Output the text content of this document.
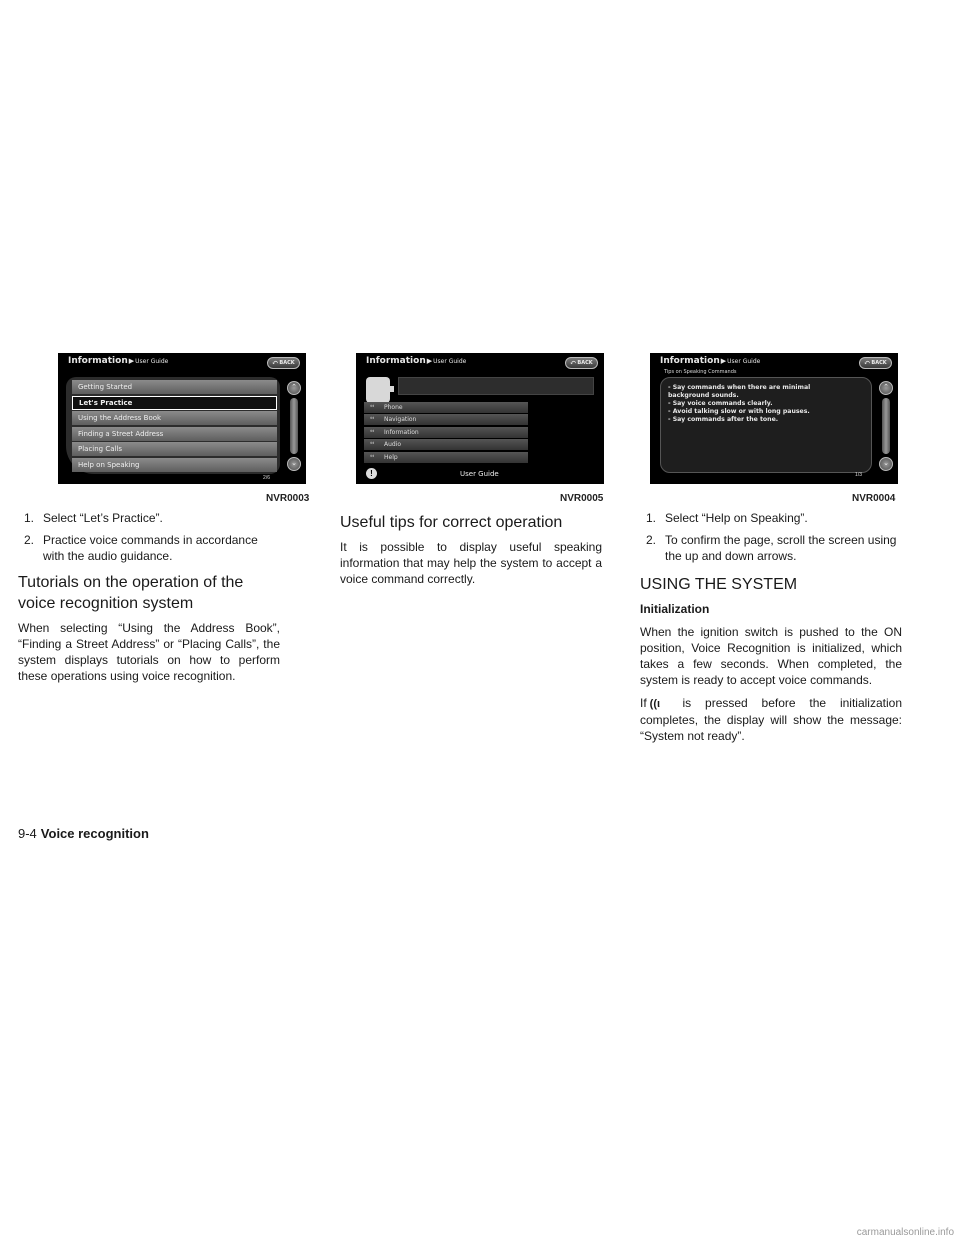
Information▶User Guide	⤺ BACK
Getting Started
Let's Practice
Using the Address Book
Finding a Street Address
Placing Calls
Help on Speaking
⌃
⌄
2/6
Information▶User Guide	⤺ BACK
❛❛ Phone
❛❛ Navigation
❛❛ Information
❛❛ Audio
❛❛ Help
!	User Guide
Information▶User Guide
Tips on Speaking Commands
⤺ BACK
- Say commands when there are minimal
background sounds.
- Say voice commands clearly.
- Avoid talking slow or with long pauses.
- Say commands after the tone.
⌃
⌄
1/3
NVR0003	NVR0005	NVR0004
1. Select “Let’s Practice”.
2. Practice voice commands in accordance with the audio guidance.
Tutorials on the operation of the voice recognition system

When selecting “Using the Address Book”, “Finding a Street Address” or “Placing Calls”, the system displays tutorials on how to perform these operations using voice recognition.

Useful tips for correct operation

It is possible to display useful speaking information that may help the system to accept a voice command correctly.

1. Select “Help on Speaking”.
2. To confirm the page, scroll the screen using the up and down arrows.
USING THE SYSTEM
Initialization

When the ignition switch is pushed to the ON position, Voice Recognition is initialized, which takes a few seconds. When completed, the system is ready to accept voice commands.

If ((ι is pressed before the initialization completes, the display will show the message: “System not ready”.

9-4 Voice recognition
carmanualsonline.info
